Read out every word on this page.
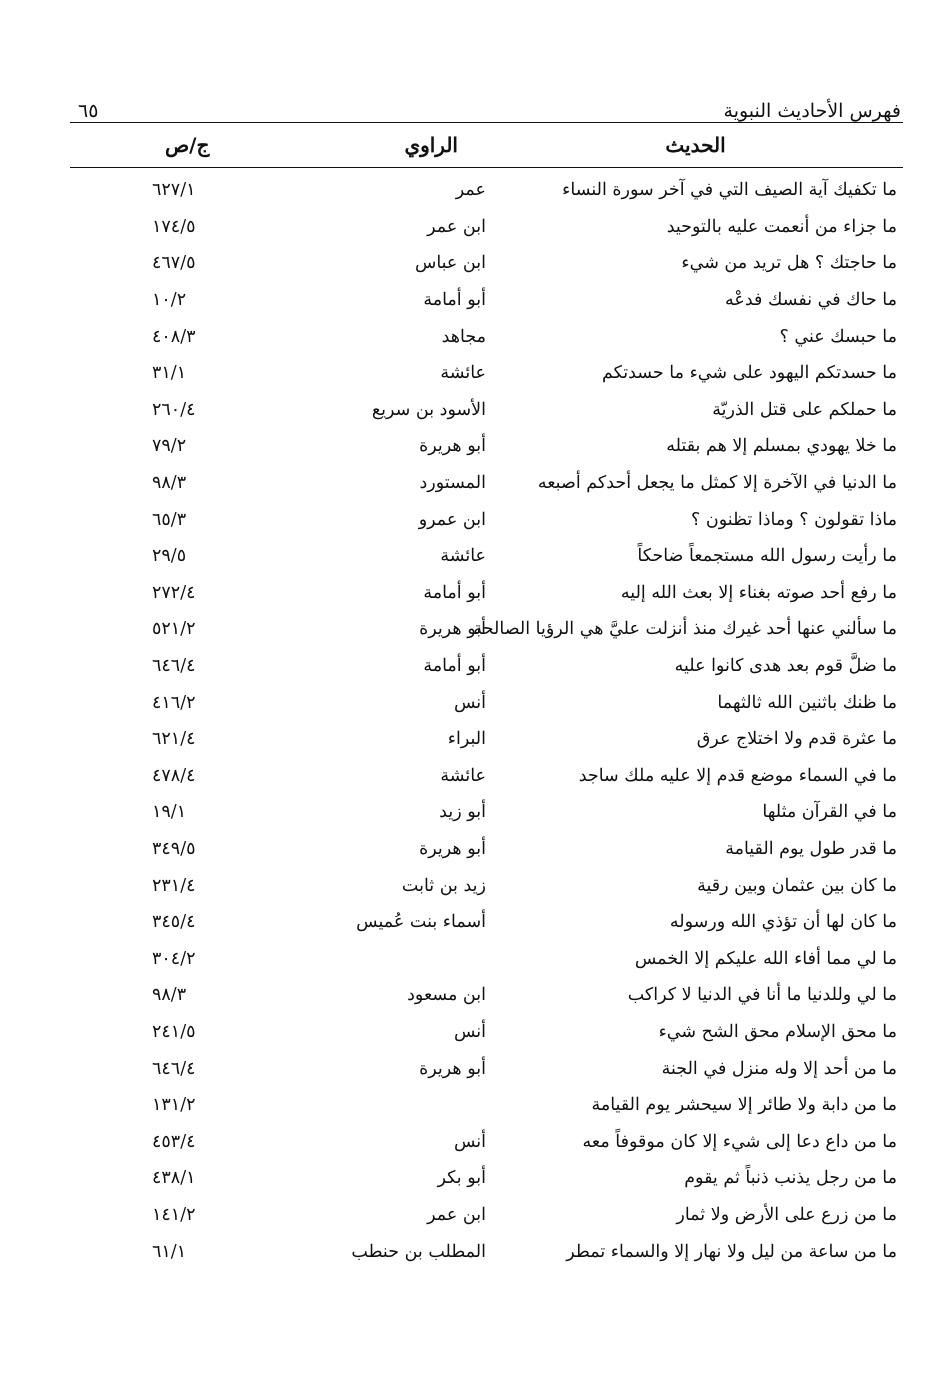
فهرس الأحاديث النبوية
٦٥
الحديث
الراوي
ج/ص
ما تكفيك آية الصيف التي في آخر سورة النساء
عمر
٦٢٧/١
ما جزاء من أنعمت عليه بالتوحيد
ابن عمر
١٧٤/٥
ما حاجتك ؟ هل تريد من شيء
ابن عباس
٤٦٧/٥
ما حاك في نفسك فدعْه
أبو أمامة
١٠/٢
ما حبسك عني ؟
مجاهد
٤٠٨/٣
ما حسدتكم اليهود على شيء ما حسدتكم
عائشة
٣١/١
ما حملكم على قتل الذريّة
الأسود بن سريع
٢٦٠/٤
ما خلا يهودي بمسلم إلا هم بقتله
أبو هريرة
٧٩/٢
ما الدنيا في الآخرة إلا كمثل ما يجعل أحدكم أصبعه
المستورد
٩٨/٣
ماذا تقولون ؟ وماذا تظنون ؟
ابن عمرو
٦٥/٣
ما رأيت رسول الله مستجمعاً ضاحكاً
عائشة
٢٩/٥
ما رفع أحد صوته بغناء إلا بعث الله إليه
أبو أمامة
٢٧٢/٤
ما سألني عنها أحد غيرك منذ أنزلت عليَّ هي الرؤيا الصالحة
أبو هريرة
٥٢١/٢
ما ضلَّ قوم بعد هدى كانوا عليه
أبو أمامة
٦٤٦/٤
ما ظنك باثنين الله ثالثهما
أنس
٤١٦/٢
ما عثرة قدم ولا اختلاج عرق
البراء
٦٢١/٤
ما في السماء موضع قدم إلا عليه ملك ساجد
عائشة
٤٧٨/٤
ما في القرآن مثلها
أبو زيد
١٩/١
ما قدر طول يوم القيامة
أبو هريرة
٣٤٩/٥
ما كان بين عثمان وبين رقية
زيد بن ثابت
٢٣١/٤
ما كان لها أن تؤذي الله ورسوله
أسماء بنت عُميس
٣٤٥/٤
ما لي مما أفاء الله عليكم إلا الخمس
٣٠٤/٢
ما لي وللدنيا ما أنا في الدنيا لا كراكب
ابن مسعود
٩٨/٣
ما محق الإسلام محق الشح شيء
أنس
٢٤١/٥
ما من أحد إلا وله منزل في الجنة
أبو هريرة
٦٤٦/٤
ما من دابة ولا طائر إلا سيحشر يوم القيامة
١٣١/٢
ما من داع دعا إلى شيء إلا كان موقوفاً معه
أنس
٤٥٣/٤
ما من رجل يذنب ذنباً ثم يقوم
أبو بكر
٤٣٨/١
ما من زرع على الأرض ولا ثمار
ابن عمر
١٤١/٢
ما من ساعة من ليل ولا نهار إلا والسماء تمطر
المطلب بن حنطب
٦١/١
